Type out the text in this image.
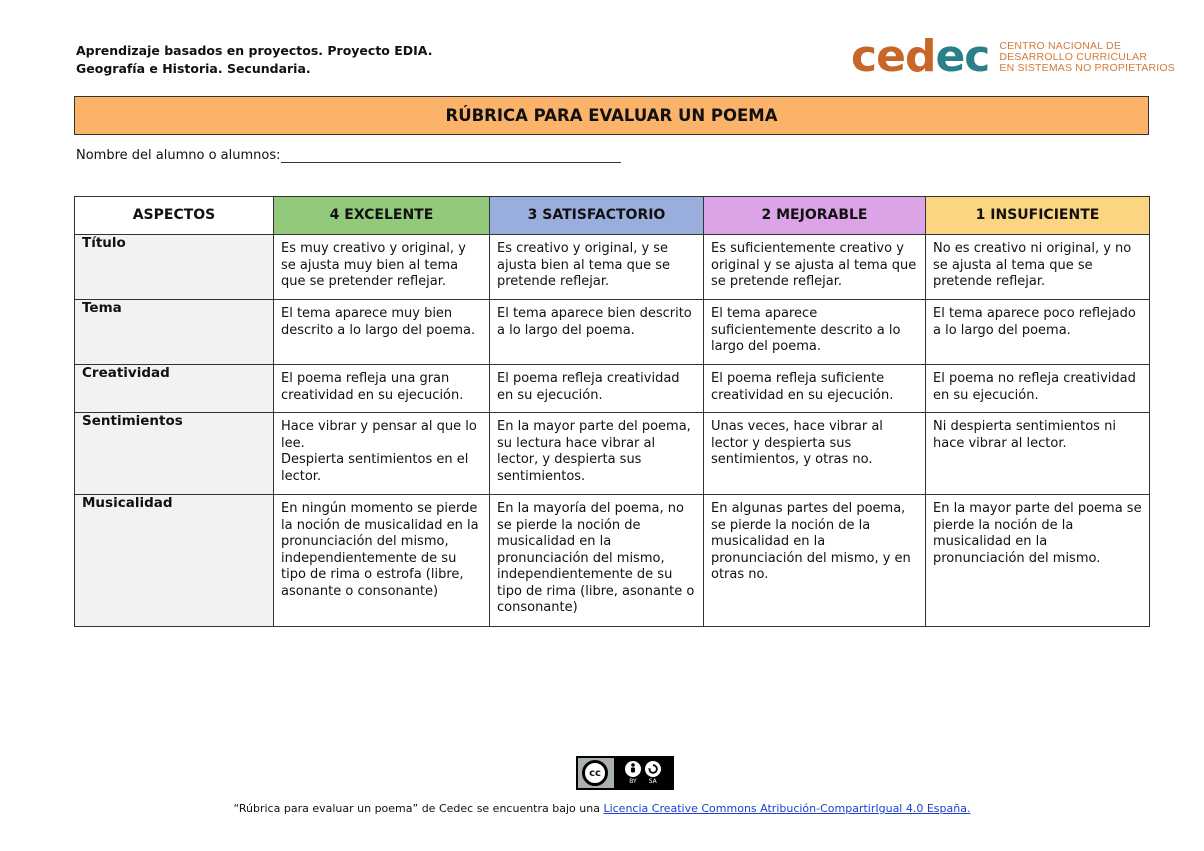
Aprendizaje basados en proyectos. Proyecto EDIA.
Geografía e Historia. Secundaria.	cedec CENTRO NACIONAL DE
DESARROLLO CURRICULAR
EN SISTEMAS NO PROPIETARIOS
RÚBRICA PARA EVALUAR UN POEMA
Nombre del alumno o alumnos:
ASPECTOS	4 EXCELENTE	3 SATISFACTORIO	2 MEJORABLE	1 INSUFICIENTE
Título	Es muy creativo y original, y se ajusta muy bien al tema que se pretender reflejar.	Es creativo y original, y se ajusta bien al tema que se pretende reflejar.	Es suficientemente creativo y original y se ajusta al tema que se pretende reflejar.	No es creativo ni original, y no se ajusta al tema que se pretende reflejar.
Tema	El tema aparece muy bien descrito a lo largo del poema.	El tema aparece bien descrito a lo largo del poema.	El tema aparece suficientemente descrito a lo largo del poema.	El tema aparece poco reflejado a lo largo del poema.
Creatividad	El poema refleja una gran creatividad en su ejecución.	El poema refleja creatividad en su ejecución.	El poema refleja suficiente creatividad en su ejecución.	El poema no refleja creatividad en su ejecución.
Sentimientos	Hace vibrar y pensar al que lo lee.
Despierta sentimientos en el lector.	En la mayor parte del poema, su lectura hace vibrar al lector, y despierta sus sentimientos.	Unas veces, hace vibrar al lector y despierta sus sentimientos, y otras no.	Ni despierta sentimientos ni hace vibrar al lector.
Musicalidad	En ningún momento se pierde la noción de musicalidad en la pronunciación del mismo, independientemente de su tipo de rima o estrofa (libre, asonante o consonante)	En la mayoría del poema, no se pierde la noción de musicalidad en la pronunciación del mismo, independientemente de su tipo de rima (libre, asonante o consonante)	En algunas partes del poema, se pierde la noción de la musicalidad en la pronunciación del mismo, y en otras no.	En la mayor parte del poema se pierde la noción de la musicalidad en la pronunciación del mismo.
cc
BY SA
“Rúbrica para evaluar un poema” de Cedec se encuentra bajo una Licencia Creative Commons Atribución-CompartirIgual 4.0 España.
